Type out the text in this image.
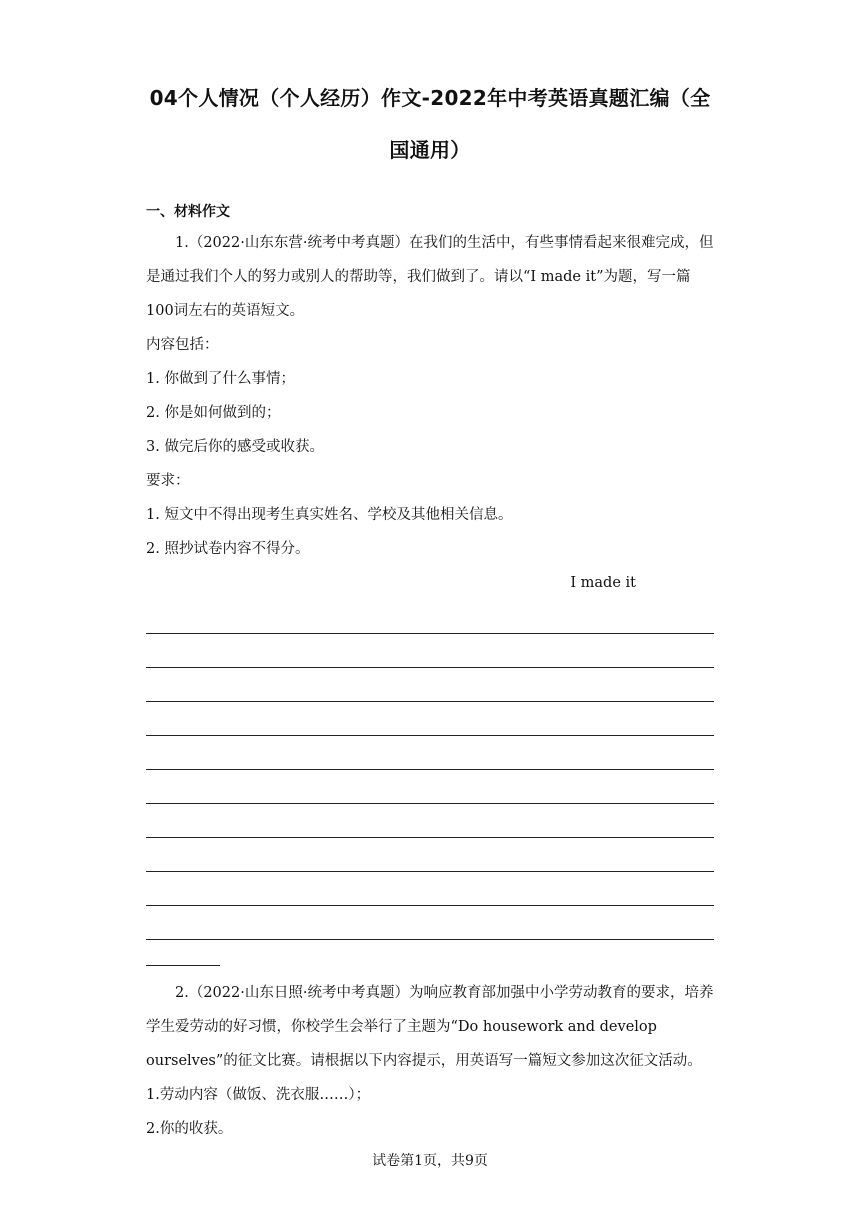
04个人情况（个人经历）作文-2022年中考英语真题汇编（全
国通用）
一、材料作文

1.（2022·山东东营·统考中考真题）在我们的生活中，有些事情看起来很难完成，但是通过我们个人的努力或别人的帮助等，我们做到了。请以“I made it”为题，写一篇100词左右的英语短文。

内容包括：

1. 你做到了什么事情；

2. 你是如何做到的；

3. 做完后你的感受或收获。

要求：

1. 短文中不得出现考生真实姓名、学校及其他相关信息。

2. 照抄试卷内容不得分。

I made it

2.（2022·山东日照·统考中考真题）为响应教育部加强中小学劳动教育的要求，培养学生爱劳动的好习惯，你校学生会举行了主题为“Do housework and develop ourselves”的征文比赛。请根据以下内容提示，用英语写一篇短文参加这次征文活动。

1.劳动内容（做饭、洗衣服……）；

2.你的收获。

试卷第1页，共9页
